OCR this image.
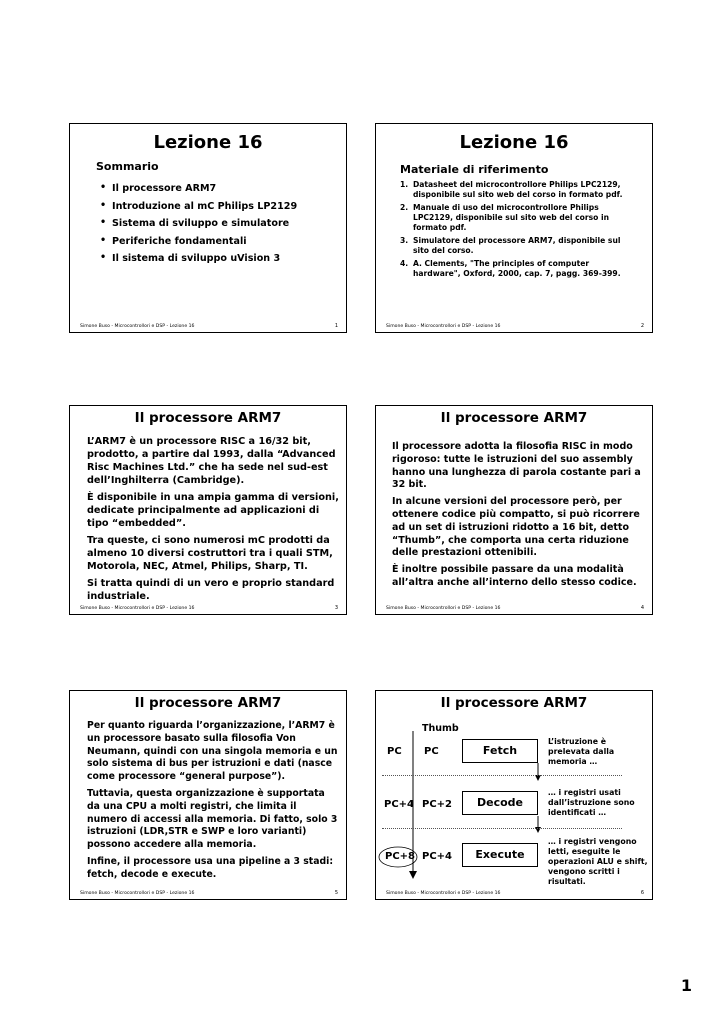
Lezione 16
Sommario
• Il processore ARM7
• Introduzione al mC Philips LP2129
• Sistema di sviluppo e simulatore
• Periferiche fondamentali
• Il sistema di sviluppo uVision 3
Simone Buso - Microcontrollori e DSP - Lezione 16	1
Lezione 16
Materiale di riferimento
1. Datasheet del microcontrollore Philips LPC2129, disponibile sul sito web del corso in formato pdf.
2. Manuale di uso del microcontrollore Philips LPC2129, disponibile sul sito web del corso in formato pdf.
3. Simulatore del processore ARM7, disponibile sul sito del corso.
4. A. Clements, "The principles of computer hardware", Oxford, 2000, cap. 7, pagg. 369-399.
Simone Buso - Microcontrollori e DSP - Lezione 16	2
Il processore ARM7

L’ARM7 è un processore RISC a 16/32 bit, prodotto, a partire dal 1993, dalla “Advanced Risc Machines Ltd.” che ha sede nel sud-est dell’Inghilterra (Cambridge).

È disponibile in una ampia gamma di versioni, dedicate principalmente ad applicazioni di tipo “embedded”.

Tra queste, ci sono numerosi mC prodotti da almeno 10 diversi costruttori tra i quali STM, Motorola, NEC, Atmel, Philips, Sharp, TI.

Si tratta quindi di un vero e proprio standard industriale.

Simone Buso - Microcontrollori e DSP - Lezione 16	3
Il processore ARM7

Il processore adotta la filosofia RISC in modo rigoroso: tutte le istruzioni del suo assembly hanno una lunghezza di parola costante pari a 32 bit.

In alcune versioni del processore però, per ottenere codice più compatto, si può ricorrere ad un set di istruzioni ridotto a 16 bit, detto “Thumb”, che comporta una certa riduzione delle prestazioni ottenibili.

È inoltre possibile passare da una modalità all’altra anche all’interno dello stesso codice.

Simone Buso - Microcontrollori e DSP - Lezione 16	4
Il processore ARM7

Per quanto riguarda l’organizzazione, l’ARM7 è un processore basato sulla filosofia Von Neumann, quindi con una singola memoria e un solo sistema di bus per istruzioni e dati (nasce come processore “general purpose”).

Tuttavia, questa organizzazione è supportata da una CPU a molti registri, che limita il numero di accessi alla memoria. Di fatto, solo 3 istruzioni (LDR,STR e SWP e loro varianti) possono accedere alla memoria.

Infine, il processore usa una pipeline a 3 stadi: fetch, decode e execute.

Simone Buso - Microcontrollori e DSP - Lezione 16	5
Il processore ARM7
Thumb
PC PC	Fetch
L’istruzione è prelevata dalla memoria …
PC+4 PC+2	Decode
… i registri usati dall’istruzione sono identificati …
PC+8 PC+4	Execute
… i registri vengono letti, eseguite le operazioni ALU e shift, vengono scritti i risultati.
Simone Buso - Microcontrollori e DSP - Lezione 16	6
1
